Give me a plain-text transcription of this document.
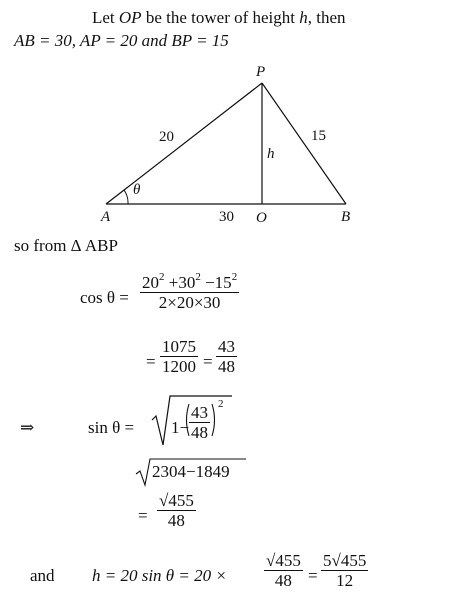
Let OP be the tower of height h, then
AB = 30, AP = 20 and BP = 15
P
A	O	B
θ
h
20	15
30
so from Δ ABP
cos θ =
$20^2 +30^2 -15^2$
2×20×30
=
1075
1200 =
43
48
⇒	sin θ = 1−
43
48
2
2304−1849
=
√455
48
and h = 20 sin θ = 20 ×
√455
48 =
5√455
12
